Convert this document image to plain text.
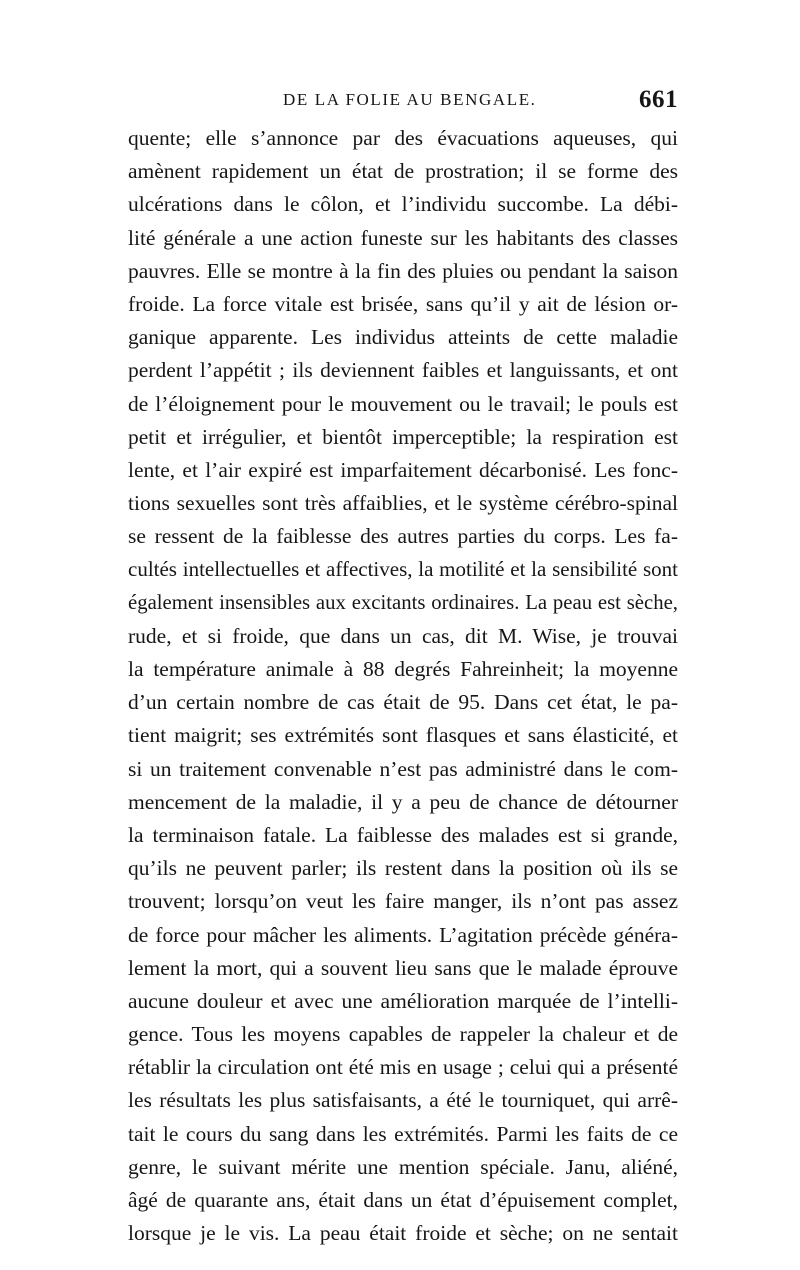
DE LA FOLIE AU BENGALE.	661
quente; elle s’annonce par des évacuations aqueuses, qui
amènent rapidement un état de prostration; il se forme des
ulcérations dans le côlon, et l’individu succombe. La débi-
lité générale a une action funeste sur les habitants des classes
pauvres. Elle se montre à la fin des pluies ou pendant la saison
froide. La force vitale est brisée, sans qu’il y ait de lésion or-
ganique apparente. Les individus atteints de cette maladie
perdent l’appétit ; ils deviennent faibles et languissants, et ont
de l’éloignement pour le mouvement ou le travail; le pouls est
petit et irrégulier, et bientôt imperceptible; la respiration est
lente, et l’air expiré est imparfaitement décarbonisé. Les fonc-
tions sexuelles sont très affaiblies, et le système cérébro-spinal
se ressent de la faiblesse des autres parties du corps. Les fa-
cultés intellectuelles et affectives, la motilité et la sensibilité sont
également insensibles aux excitants ordinaires. La peau est sèche,
rude, et si froide, que dans un cas, dit M. Wise, je trouvai
la température animale à 88 degrés Fahreinheit; la moyenne
d’un certain nombre de cas était de 95. Dans cet état, le pa-
tient maigrit; ses extrémités sont flasques et sans élasticité, et
si un traitement convenable n’est pas administré dans le com-
mencement de la maladie, il y a peu de chance de détourner
la terminaison fatale. La faiblesse des malades est si grande,
qu’ils ne peuvent parler; ils restent dans la position où ils se
trouvent; lorsqu’on veut les faire manger, ils n’ont pas assez
de force pour mâcher les aliments. L’agitation précède généra-
lement la mort, qui a souvent lieu sans que le malade éprouve
aucune douleur et avec une amélioration marquée de l’intelli-
gence. Tous les moyens capables de rappeler la chaleur et de
rétablir la circulation ont été mis en usage ; celui qui a présenté
les résultats les plus satisfaisants, a été le tourniquet, qui arrê-
tait le cours du sang dans les extrémités. Parmi les faits de ce
genre, le suivant mérite une mention spéciale. Janu, aliéné,
âgé de quarante ans, était dans un état d’épuisement complet,
lorsque je le vis. La peau était froide et sèche; on ne sentait
